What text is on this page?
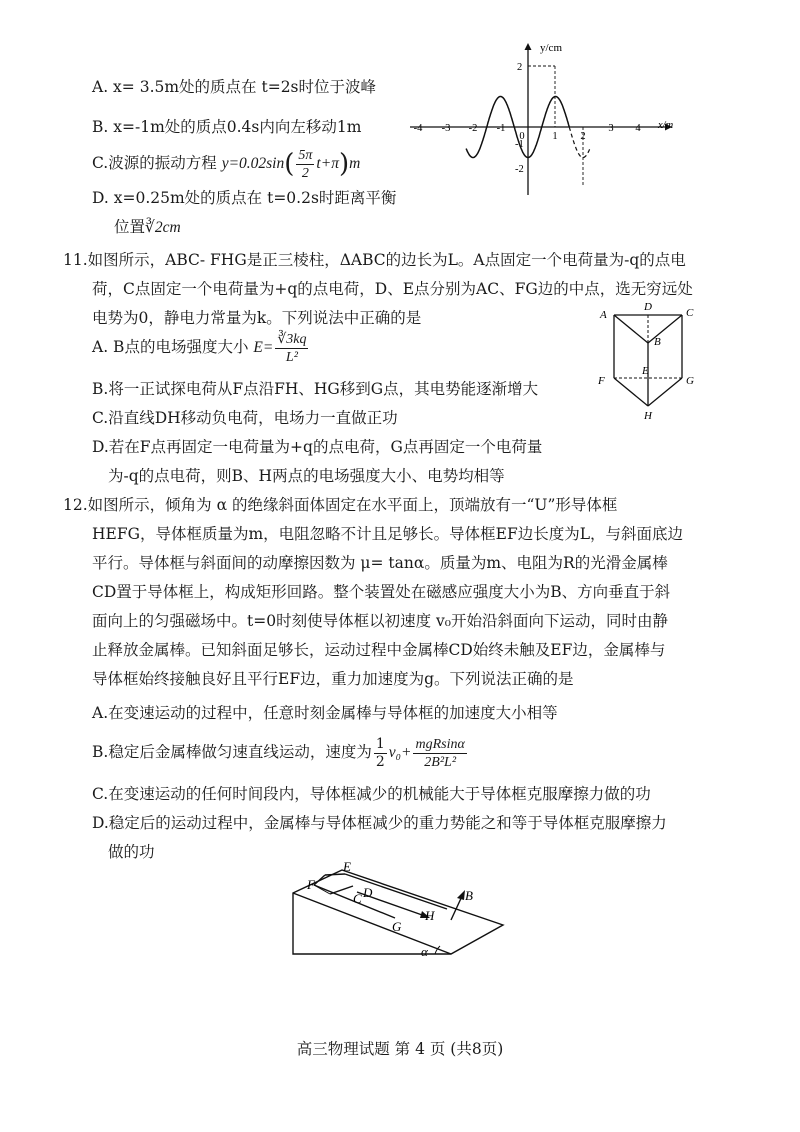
A. x= 3.5m处的质点在 t=2s时位于波峰
B. x=-1m处的质点0.4s内向左移动1m
C.波源的振动方程 $y=0.02\sin( \frac{5\pi}{2} t+\pi)m$
D. x=0.25m处的质点在 t=0.2s时距离平衡
位置∛2cm
y/cm
x/m
-4 -3 -2 -1
0	1 2
3 4
2
-1
-2
11.如图所示，ABC- FHG是正三棱柱，ΔABC的边长为L。A点固定一个电荷量为-q的点电
荷，C点固定一个电荷量为+q的点电荷，D、E点分别为AC、FG边的中点，选无穷远处
电势为0，静电力常量为k。下列说法中正确的是
A. B点的电场强度大小 $E= \frac{∛3kq}{\text{L²}}$
B.将一正试探电荷从F点沿FH、HG移到G点，其电势能逐渐增大
C.沿直线DH移动负电荷，电场力一直做正功
D.若在F点再固定一电荷量为+q的点电荷，G点再固定一个电荷量
为-q的点电荷，则B、H两点的电场强度大小、电势均相等
A
D	C
B
E
F	G
H
12.如图所示，倾角为 α 的绝缘斜面体固定在水平面上，顶端放有一“U”形导体框
HEFG，导体框质量为m，电阻忽略不计且足够长。导体框EF边长度为L，与斜面底边
平行。导体框与斜面间的动摩擦因数为 μ= tanα。质量为m、电阻为R的光滑金属棒
CD置于导体框上，构成矩形回路。整个装置处在磁感应强度大小为B、方向垂直于斜
面向上的匀强磁场中。t=0时刻使导体框以初速度 v₀开始沿斜面向下运动，同时由静
止释放金属棒。已知斜面足够长，运动过程中金属棒CD始终未触及EF边，金属棒与
导体框始终接触良好且平行EF边，重力加速度为g。下列说法正确的是
A.在变速运动的过程中，任意时刻金属棒与导体框的加速度大小相等
B.稳定后金属棒做匀速直线运动，速度为 $\frac{1}{2} v_0+ \frac{\text{mgRsinα}}{\text{2B²L²}}$
C.在变速运动的任何时间段内，导体框减少的机械能大于导体框克服摩擦力做的功
D.稳定后的运动过程中，金属棒与导体框减少的重力势能之和等于导体框克服摩擦力
做的功
E
F
C D
H
G
B
α
高三物理试题 第 4 页 (共8页)
